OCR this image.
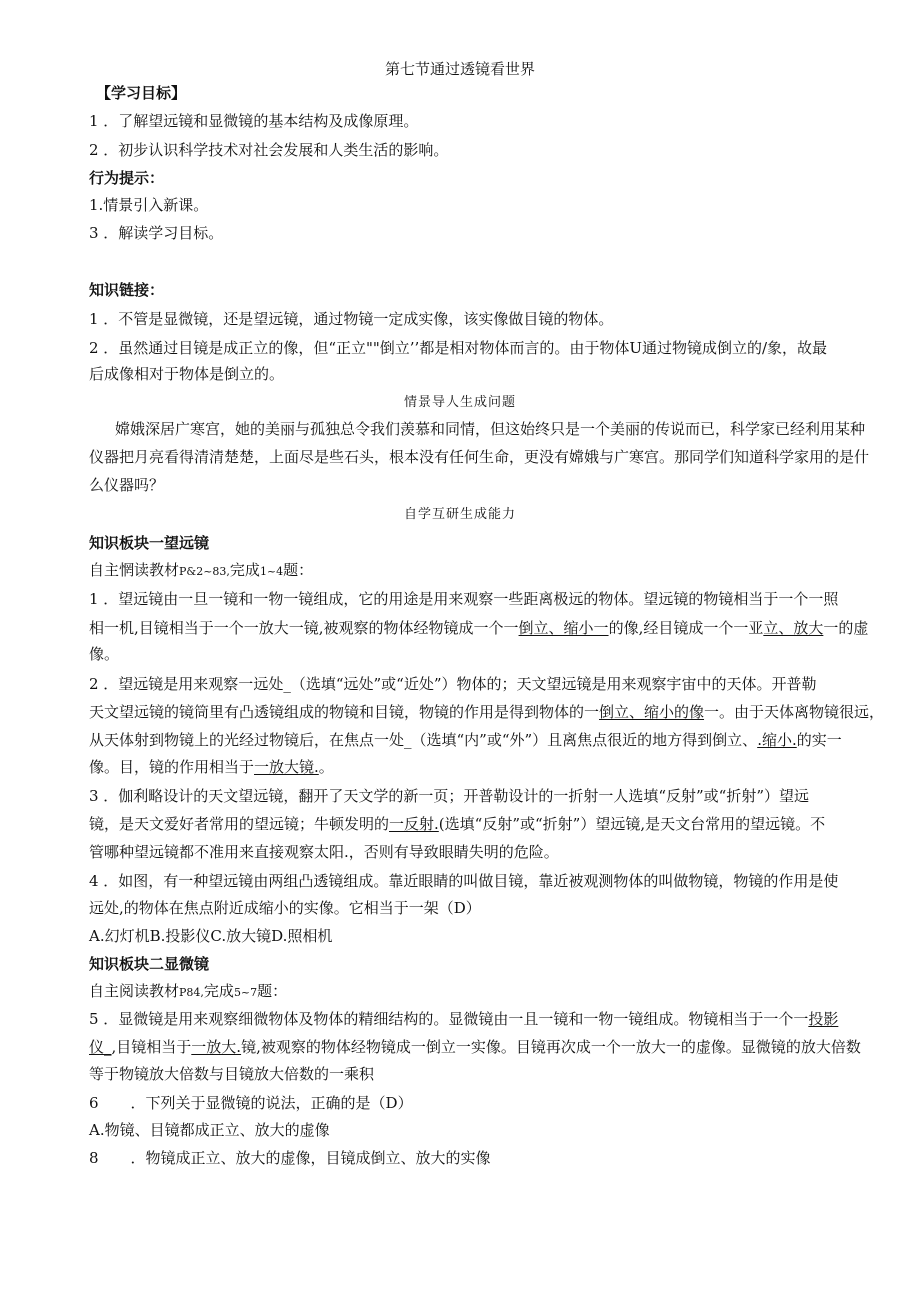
第七节通过透镜看世界
【学习目标】
1 ．了解望远镜和显微镜的基本结构及成像原理。
2 ．初步认识科学技术对社会发展和人类生活的影响。
行为提示：
1.情景引入新课。
3 ．解读学习目标。
知识链接：
1 ．不管是显微镜，还是望远镜，通过物镜一定成实像，该实像做目镜的物体。
2 ．虽然通过目镜是成正立的像，但“正立""倒立’’都是相对物体而言的。由于物体U通过物镜成倒立的/象，故最
后成像相对于物体是倒立的。
情景导人生成问题
嫦娥深居广寒宫，她的美丽与孤独总令我们羡慕和同情，但这始终只是一个美丽的传说而已，科学家已经利用某种
仪器把月亮看得清清楚楚，上面尽是些石头，根本没有任何生命，更没有嫦娥与广寒宫。那同学们知道科学家用的是什
么仪器吗？
自学互研生成能力
知识板块一望远镜
自主惘读教材P&2~83,完成1~4题：
1 ．望远镜由一旦一镜和一物一镜组成，它的用途是用来观察一些距离极远的物体。望远镜的物镜相当于一个一照
相一机,目镜相当于一个一放大一镜,被观察的物体经物镜成一个一倒立、缩小一的像,经目镜成一个一亚立、放大一的虚
像。
2 ．望远镜是用来观察一远处_（选填“远处”或“近处”）物体的；天文望远镜是用来观察宇宙中的天体。开普勒
天文望远镜的镜筒里有凸透镜组成的物镜和目镜，物镜的作用是得到物体的一倒立、缩小的像一。由于天体离物镜很远，
从天体射到物镜上的光经过物镜后，在焦点一处_（选填“内”或“外”）且离焦点很近的地方得到倒立、.缩小.的实一
像。目，镜的作用相当于一放大镜.。
3 ．伽利略设计的天文望远镜，翻开了天文学的新一页；开普勒设计的一折射一人选填“反射”或“折射”）望远
镜，是天文爱好者常用的望远镜；牛顿发明的一反射.(选填“反射”或“折射”）望远镜,是天文台常用的望远镜。不
管哪种望远镜都不准用来直接观察太阳.，否则有导致眼睛失明的危险。
4 ．如图，有一种望远镜由两组凸透镜组成。靠近眼睛的叫做目镜，靠近被观测物体的叫做物镜，物镜的作用是使
远处,的物体在焦点附近成缩小的实像。它相当于一架（D）
A.幻灯机B.投影仪C.放大镜D.照相机
知识板块二显微镜
自主阅读教材P84,完成5~7题：
5 ．显微镜是用来观察细微物体及物体的精细结构的。显微镜由一且一镜和一物一镜组成。物镜相当于一个一投影
仪_,目镜相当于一放大.镜,被观察的物体经物镜成一倒立一实像。目镜再次成一个一放大一的虚像。显微镜的放大倍数
等于物镜放大倍数与目镜放大倍数的一乘积
6 ．下列关于显微镜的说法，正确的是（D）
A.物镜、目镜都成正立、放大的虚像
8 ．物镜成正立、放大的虚像，目镜成倒立、放大的实像
